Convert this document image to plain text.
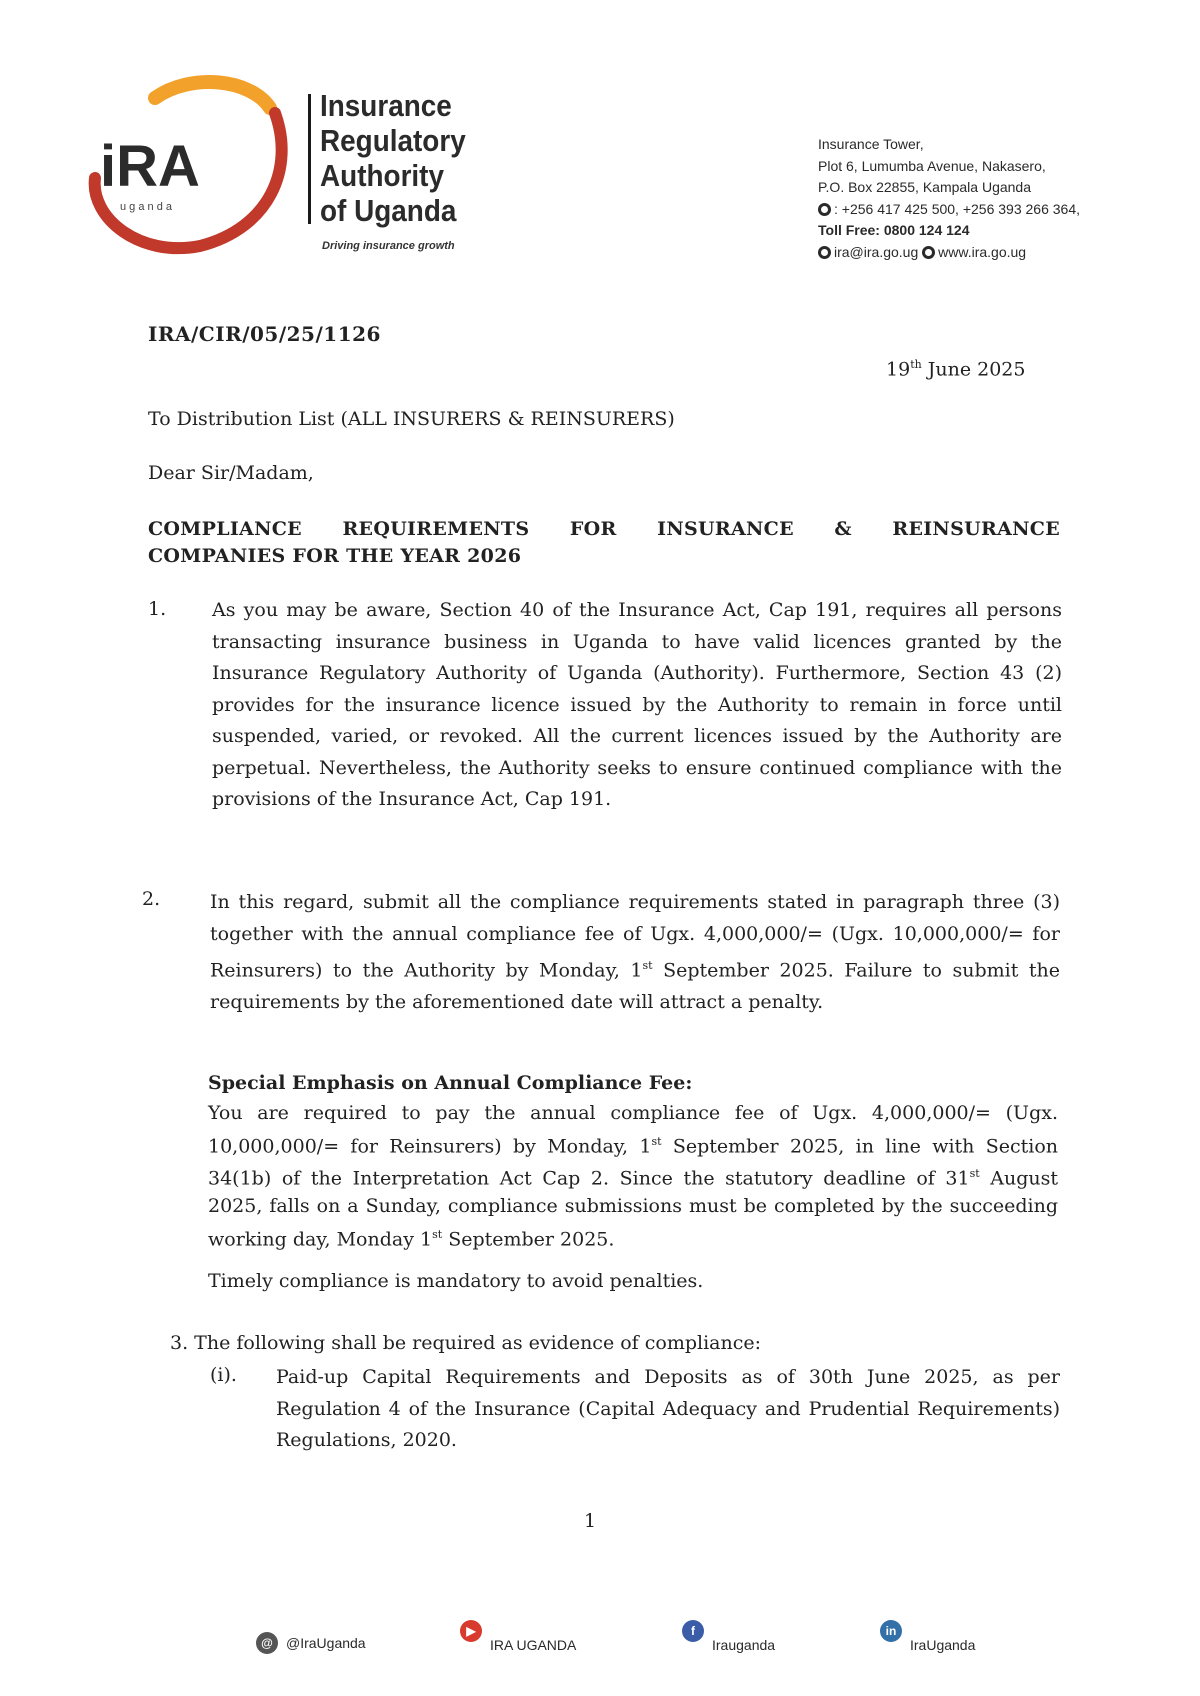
iRA
u g a n d a
Insurance
Regulatory
Authority
of Uganda
Driving insurance growth
Insurance Tower,
Plot 6, Lumumba Avenue, Nakasero,
P.O. Box 22855, Kampala Uganda
: +256 417 425 500, +256 393 266 364,
Toll Free: 0800 124 124
ira@ira.go.ug www.ira.go.ug
IRA/CIR/05/25/1126
19th June 2025
To Distribution List (ALL INSURERS & REINSURERS)
Dear Sir/Madam,
COMPLIANCE REQUIREMENTS FOR INSURANCE & REINSURANCE
COMPANIES FOR THE YEAR 2026
1. As you may be aware, Section 40 of the Insurance Act, Cap 191, requires all persons transacting insurance business in Uganda to have valid licences granted by the Insurance Regulatory Authority of Uganda (Authority). Furthermore, Section 43 (2) provides for the insurance licence issued by the Authority to remain in force until suspended, varied, or revoked. All the current licences issued by the Authority are perpetual. Nevertheless, the Authority seeks to ensure continued compliance with the provisions of the Insurance Act, Cap 191.
2.	In this regard, submit all the compliance requirements stated in paragraph three (3) together with the annual compliance fee of Ugx. 4,000,000/= (Ugx. 10,000,000/= for Reinsurers) to the Authority by Monday, 1st September 2025. Failure to submit the requirements by the aforementioned date will attract a penalty.
Special Emphasis on Annual Compliance Fee:
You are required to pay the annual compliance fee of Ugx. 4,000,000/= (Ugx. 10,000,000/= for Reinsurers) by Monday, 1st September 2025, in line with Section 34(1b) of the Interpretation Act Cap 2. Since the statutory deadline of 31st August 2025, falls on a Sunday, compliance submissions must be completed by the succeeding working day, Monday 1st September 2025.
Timely compliance is mandatory to avoid penalties.
3. The following shall be required as evidence of compliance:
(i). Paid-up Capital Requirements and Deposits as of 30th June 2025, as per Regulation 4 of the Insurance (Capital Adequacy and Prudential Requirements) Regulations, 2020.
1
@ @IraUganda
▶
IRA UGANDA
f
Irauganda
in
IraUganda
